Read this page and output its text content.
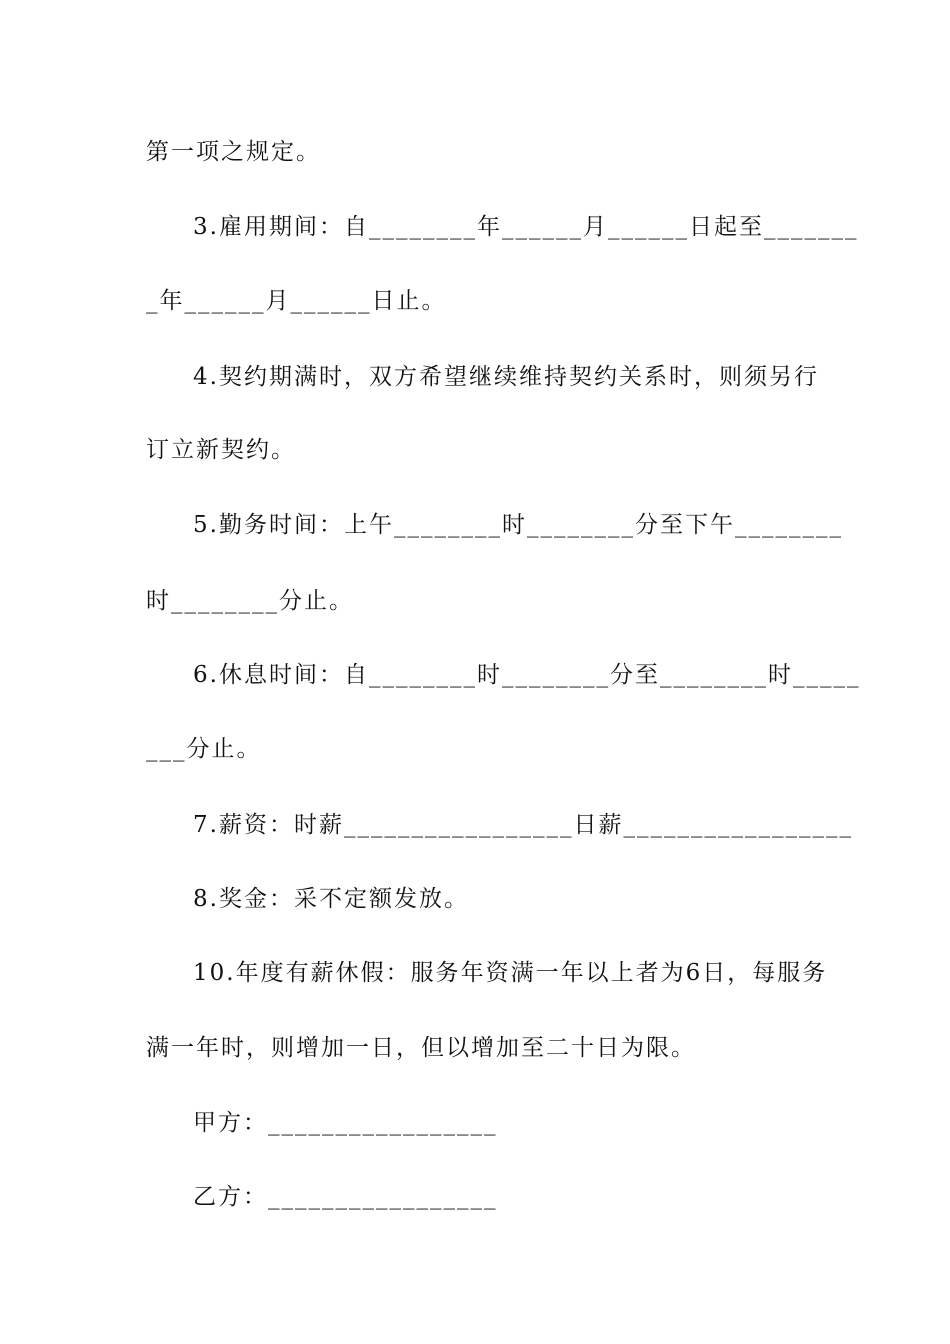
第一项之规定。
3.雇用期间：自________年______月______日起至_______
_年______月______日止。
4.契约期满时，双方希望继续维持契约关系时，则须另行
订立新契约。
5.勤务时间：上午________时________分至下午________
时________分止。
6.休息时间：自________时________分至________时_____
___分止。
7.薪资：时薪_________________日薪_________________
8.奖金：采不定额发放。
10.年度有薪休假：服务年资满一年以上者为6日，每服务
满一年时，则增加一日，但以增加至二十日为限。
甲方：_________________
乙方：_________________
